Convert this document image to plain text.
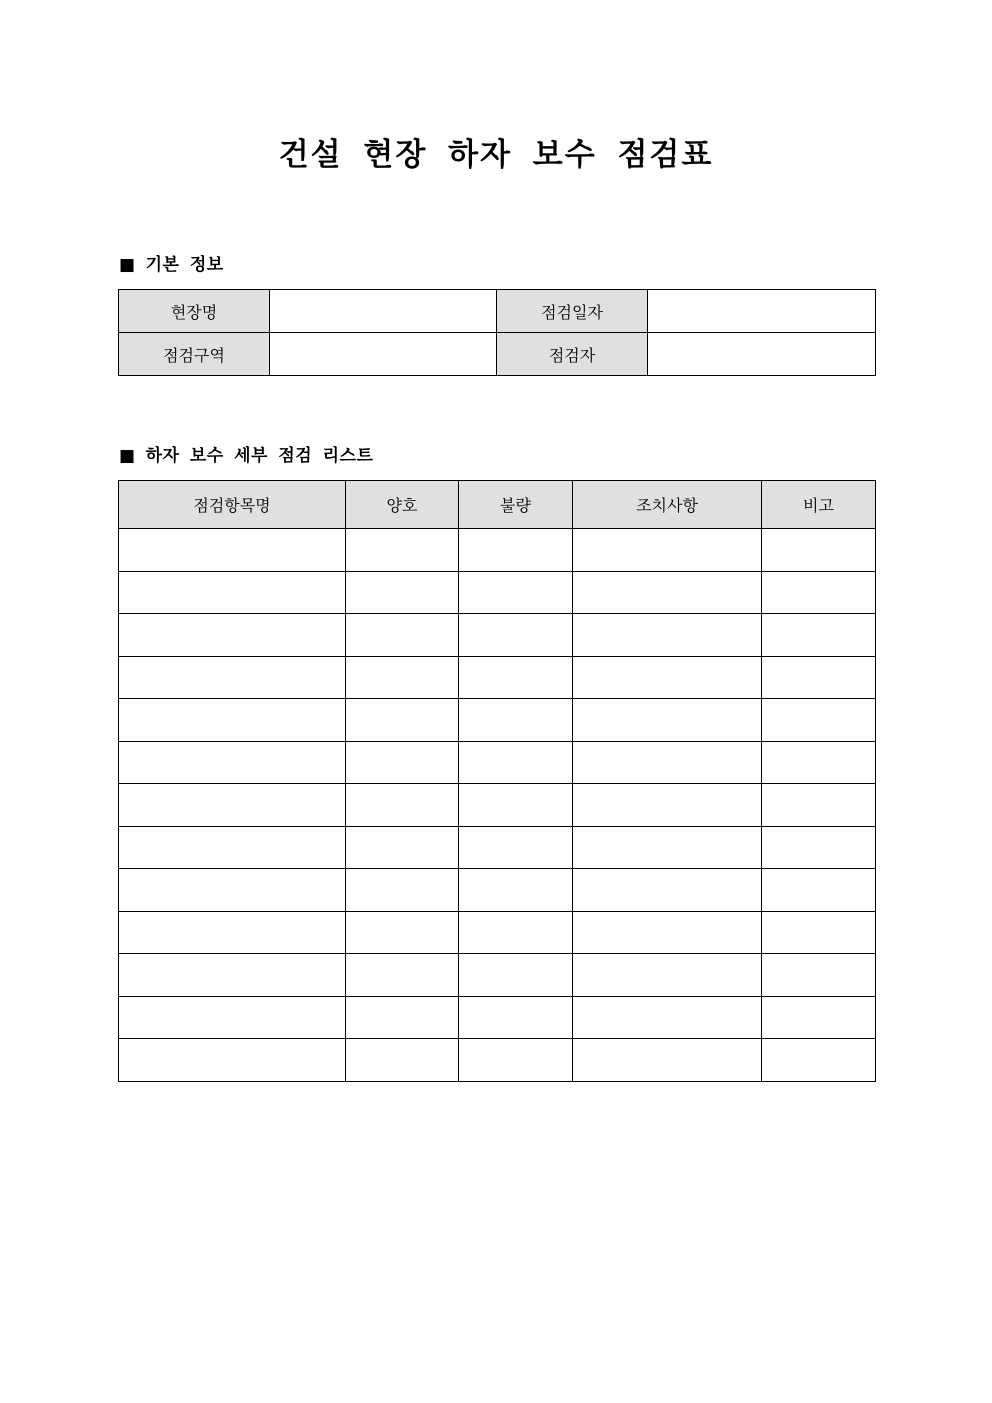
건설 현장 하자 보수 점검표
■ 기본 정보
현장명		점검일자	
점검구역		점검자	
■ 하자 보수 세부 점검 리스트
점검항목명	양호	불량	조치사항	비고
